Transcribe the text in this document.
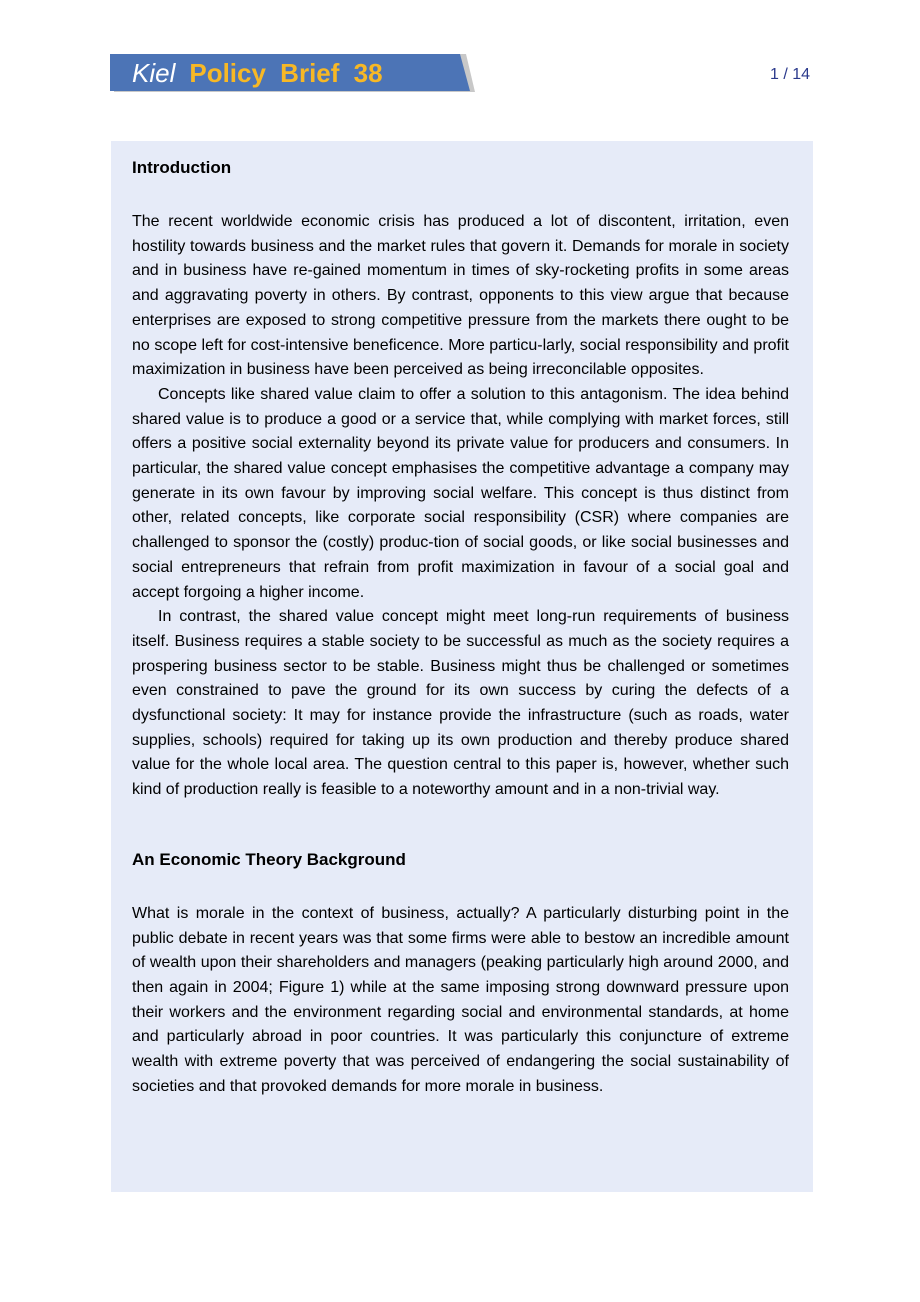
Kiel Policy Brief 38	1 / 14
Introduction

The recent worldwide economic crisis has produced a lot of discontent, irritation, even hostility towards business and the market rules that govern it. Demands for morale in society and in business have re-gained momentum in times of sky-rocketing profits in some areas and aggravating poverty in others. By contrast, opponents to this view argue that because enterprises are exposed to strong competitive pressure from the markets there ought to be no scope left for cost-intensive beneficence. More particu-larly, social responsibility and profit maximization in business have been perceived as being irreconcilable opposites.

Concepts like shared value claim to offer a solution to this antagonism. The idea behind shared value is to produce a good or a service that, while complying with market forces, still offers a positive social externality beyond its private value for producers and consumers. In particular, the shared value concept emphasises the competitive advantage a company may generate in its own favour by improving social welfare. This concept is thus distinct from other, related concepts, like corporate social responsibility (CSR) where companies are challenged to sponsor the (costly) produc-tion of social goods, or like social businesses and social entrepreneurs that refrain from profit maximization in favour of a social goal and accept forgoing a higher income.

In contrast, the shared value concept might meet long-run requirements of business itself. Business requires a stable society to be successful as much as the society requires a prospering business sector to be stable. Business might thus be challenged or sometimes even constrained to pave the ground for its own success by curing the defects of a dysfunctional society: It may for instance provide the infrastructure (such as roads, water supplies, schools) required for taking up its own production and thereby produce shared value for the whole local area. The question central to this paper is, however, whether such kind of production really is feasible to a noteworthy amount and in a non-trivial way.

An Economic Theory Background

What is morale in the context of business, actually? A particularly disturbing point in the public debate in recent years was that some firms were able to bestow an incredible amount of wealth upon their shareholders and managers (peaking particularly high around 2000, and then again in 2004; Figure 1) while at the same imposing strong downward pressure upon their workers and the environment regarding social and environmental standards, at home and particularly abroad in poor countries. It was particularly this conjuncture of extreme wealth with extreme poverty that was perceived of endangering the social sustainability of societies and that provoked demands for more morale in business.
